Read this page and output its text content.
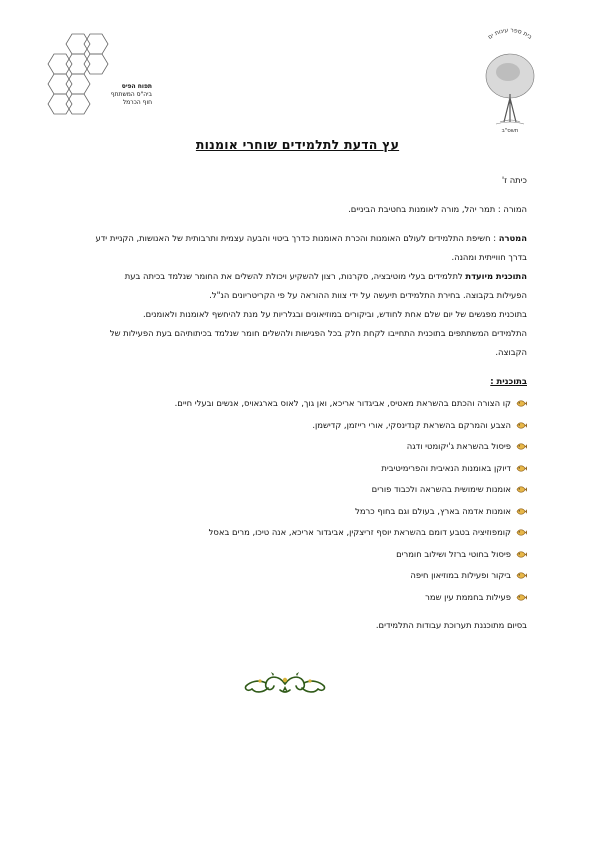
תפוח הפיס
ביה"ס המשתתף
חוף הכרמל
בית ספר עינות ים
תשס"ב
עץ הדעת לתלמידים שוחרי אומנות

כיתה ז'

המורה : תמר יהל, מורה לאומנות בחטיבת הביניים.

המטרה : חשיפת התלמידים לעולם האומנות והכרת האומנות כדרך ביטוי והבעה עצמית ותרבותית של האנושות, הקניית ידע בדרך חווייתית ומהנה.

התוכנית מיועדת לתלמידים בעלי מוטיבציה, סקרנות, רצון להשקיע ויכולת להשלים את החומר שנלמד בכיתה בעת הפעילות בקבוצה. בחירת התלמידים תיעשה על ידי צוות ההוראה על פי הקריטריונים הנ"ל.

בתוכנית מפגשים של יום שלם אחת לחודש, וביקורים במוזיאונים ובגלריות על מנת להיחשף לאומנות ולאומנים.

התלמידים המשתתפים בתוכנית התחייבו לקחת חלק בכל הפגישות ולהשלים חומר שנלמד בכיתותיהם בעת הפעילות של הקבוצה.

בתוכנית :

קו הצורה והכתם בהשראת מאטיס, אביגדור אריכא, ואן גוך, לאוס בארגאויס, אנשים ובעלי חיים.
הצבע והמרקם בהשראת קנדינסקי, אורי רייזמן, קדישמן.
פיסול בהשראת ג'יקומטי ודגה
דיוקן באומנות הנאיבית והפרימיטיבית
אומנות שימושית בהשראה ולכבוד פורים
אומנות אדמה בארץ, בעולם וגם בחוף כרמל
קומפוזיציה בטבע דומם בהשראת יוסף זריצקין, אביגדור אריכא, אנה טיכו, מרים באסל
פיסול בחוטי ברזל ושילוב חומרים
ביקור ופעילות במוזיאון חיפה
פעילות בחממת עין שמר

בסיום מתוכננת תערוכת עבודות התלמידים.
